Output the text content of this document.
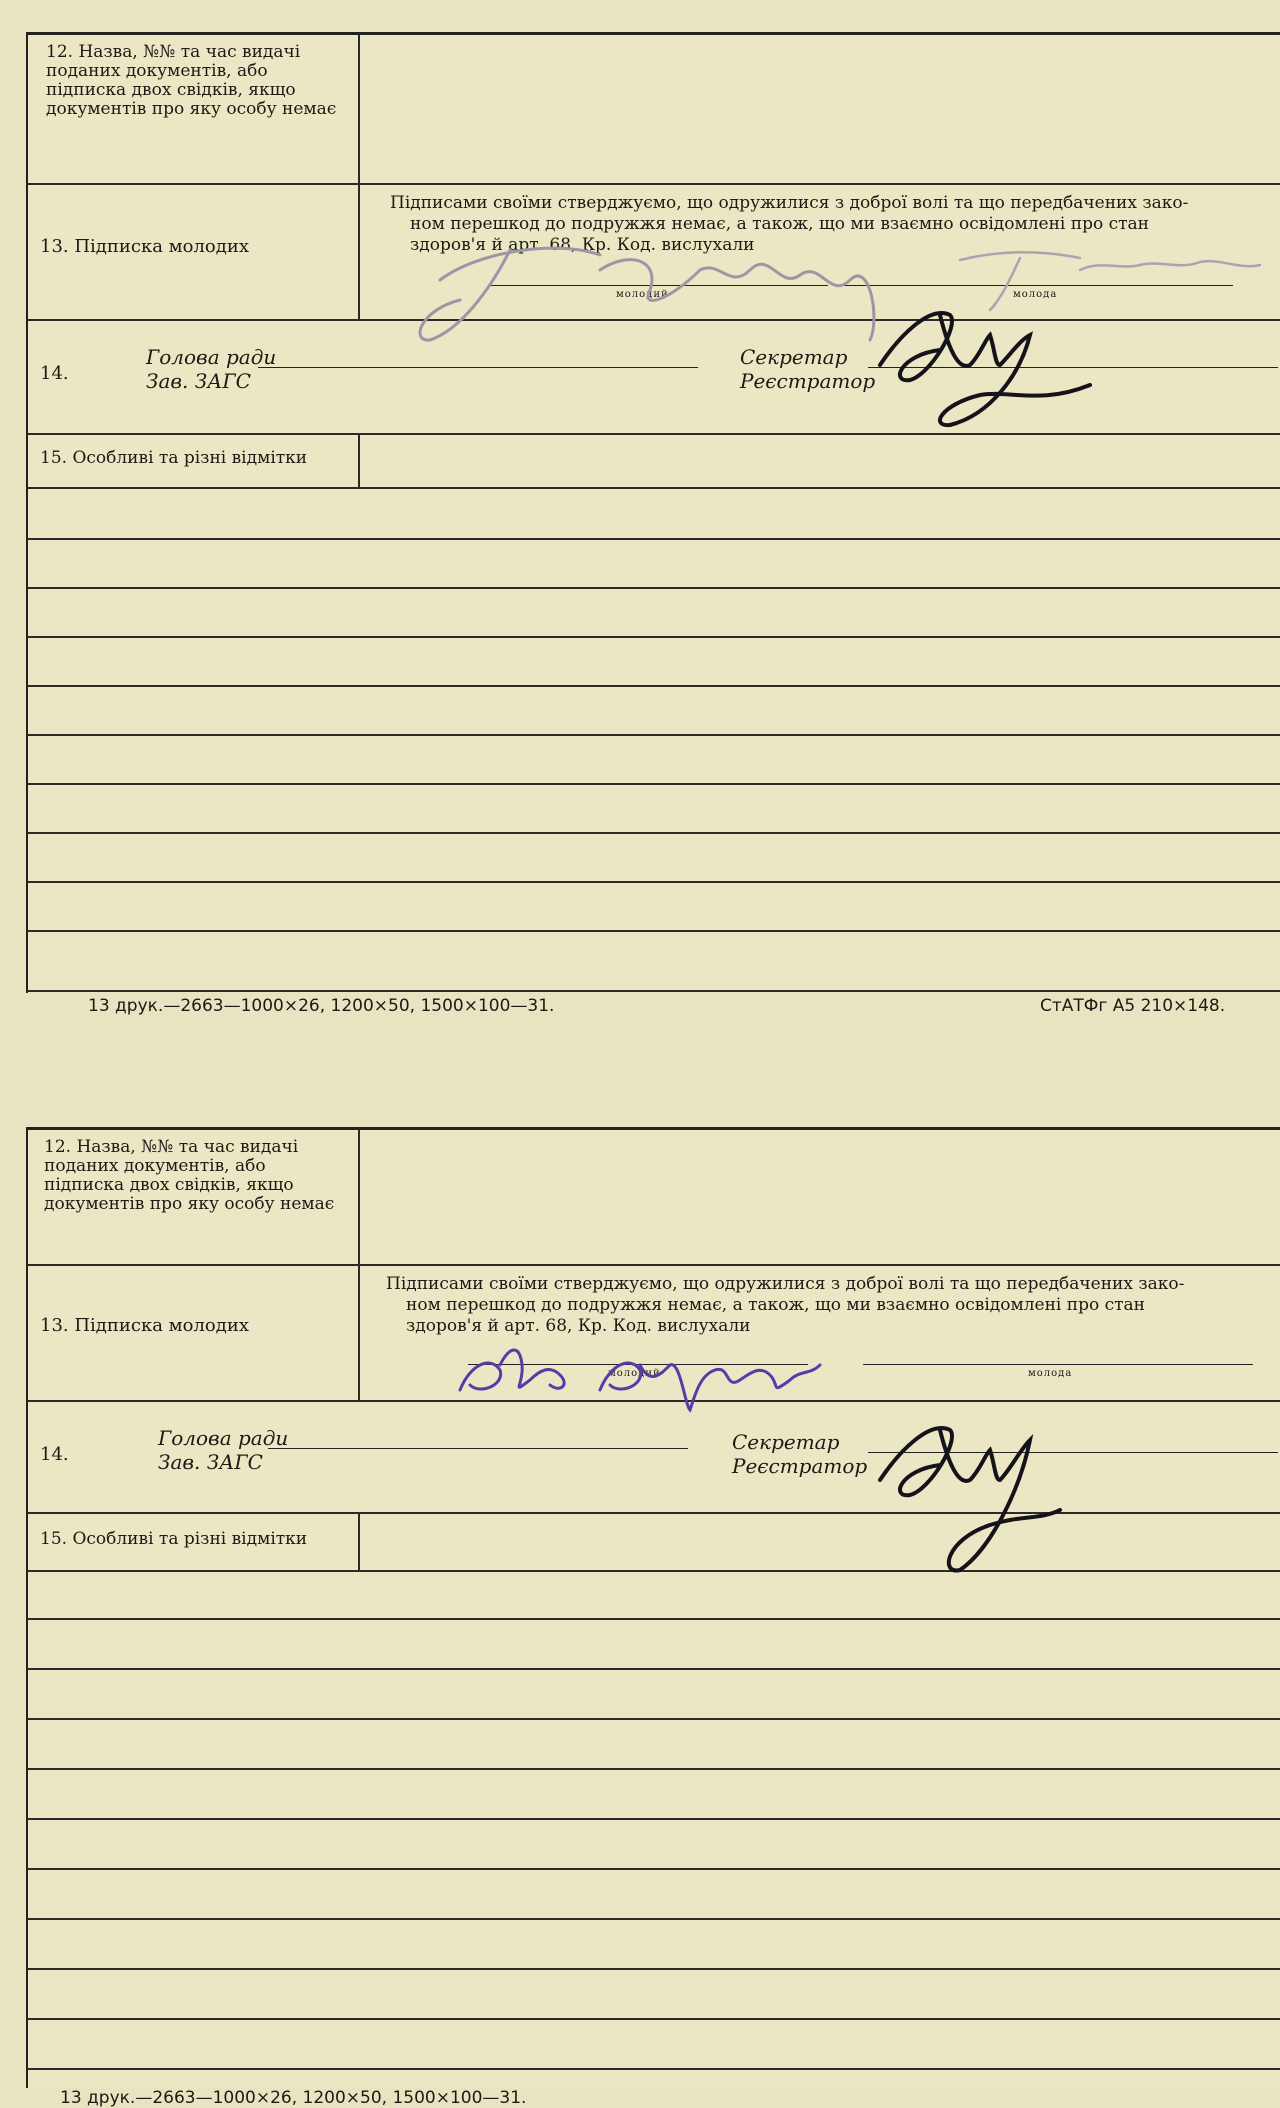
12. Назва, №№ та час видачі поданих документів, або підписка двох свідків, якщо документів про яку особу немає
13. Підписка молодих
Підписами своїми стверджуємо, що одружилися з доброї волі та що передбачених зако-
ном перешкод до подружжя немає, а також, що ми взаємно освідомлені про стан
здоров'я й арт. 68, Кр. Код. вислухали
молодий	молода
14.
Голова ради
Зав. ЗАГС
Секретар
Реєстратор
15. Особливі та різні відмітки
13 друк.—2663—1000×26, 1200×50, 1500×100—31.	СтАТФг А5 210×148.
12. Назва, №№ та час видачі поданих документів, або підписка двох свідків, якщо документів про яку особу немає
13. Підписка молодих
Підписами своїми стверджуємо, що одружилися з доброї волі та що передбачених зако-
ном перешкод до подружжя немає, а також, що ми взаємно освідомлені про стан
здоров'я й арт. 68, Кр. Код. вислухали
молодий	молода
14.
Голова ради
Зав. ЗАГС
Секретар
Реєстратор
15. Особливі та різні відмітки
13 друк.—2663—1000×26, 1200×50, 1500×100—31.
